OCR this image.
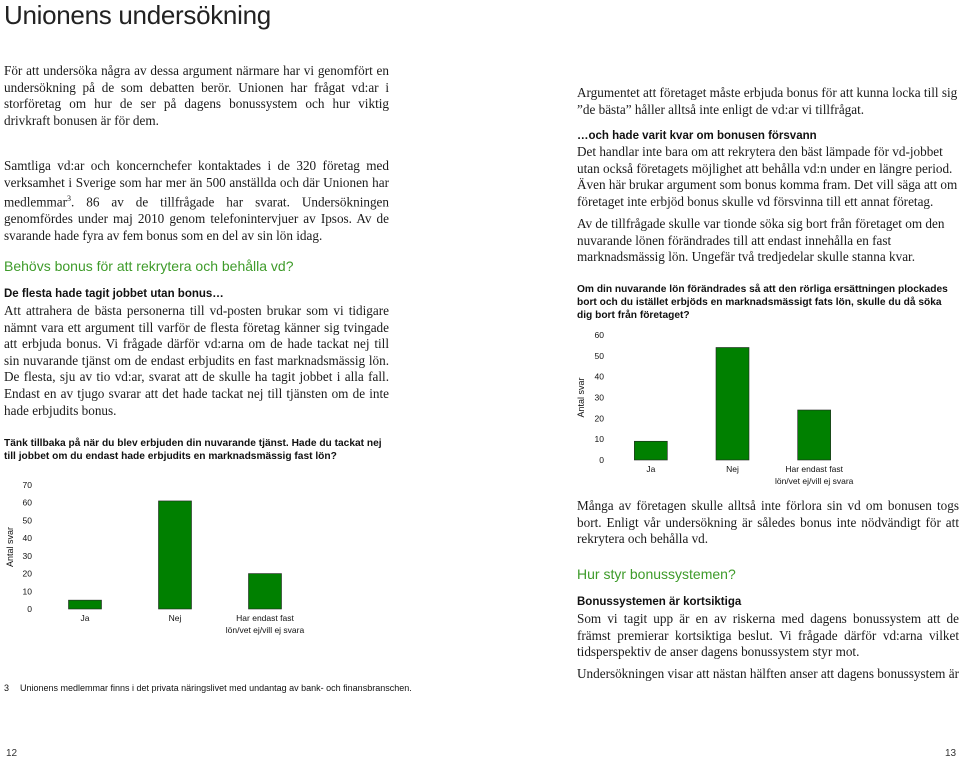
Unionens undersökning

För att undersöka några av dessa argument närmare har vi genomfört en undersökning på de som debatten berör. Unionen har frågat vd:ar i storföretag om hur de ser på dagens bonussystem och hur viktig drivkraft bonusen är för dem.

Samtliga vd:ar och koncernchefer kontaktades i de 320 företag med verksamhet i Sverige som har mer än 500 anställda och där Unionen har medlemmar$^3$. 86 av de tillfrågade har svarat. Undersökningen genomfördes under maj 2010 genom telefonintervjuer av Ipsos. Av de svarande hade fyra av fem bonus som en del av sin lön idag.

Behövs bonus för att rekrytera och behålla vd?
De flesta hade tagit jobbet utan bonus…

Att attrahera de bästa personerna till vd-posten brukar som vi tidigare nämnt vara ett argument till varför de flesta företag känner sig tvingade att erbjuda bonus. Vi frågade därför vd:arna om de hade tackat nej till sin nuvarande tjänst om de endast erbjudits en fast marknadsmässig lön. De flesta, sju av tio vd:ar, svarat att de skulle ha tagit jobbet i alla fall. Endast en av tjugo svarar att det hade tackat nej till tjänsten om de inte hade erbjudits bonus.

Tänk tillbaka på när du blev erbjuden din nuvarande tjänst. Hade du tackat nej till jobbet om du endast hade erbjudits en marknadsmässig fast lön?
Antal svar
0
10
20
30
40
50
60
70
Ja	Nej	Har endast fast
lön/vet ej/vill ej svara
3 Unionens medlemmar finns i det privata näringslivet med undantag av bank- och finansbranschen.
12

Argumentet att företaget måste erbjuda bonus för att kunna locka till sig ”de bästa” håller alltså inte enligt de vd:ar vi tillfrågat.

…och hade varit kvar om bonusen försvann

Det handlar inte bara om att rekrytera den bäst lämpade för vd-jobbet utan också företagets möjlighet att behålla vd:n under en längre period. Även här brukar argument som bonus komma fram. Det vill säga att om företaget inte erbjöd bonus skulle vd försvinna till ett annat företag.

Av de tillfrågade skulle var tionde söka sig bort från företaget om den nuvarande lönen förändrades till att endast innehålla en fast marknadsmässig lön. Ungefär två tredjedelar skulle stanna kvar.

Om din nuvarande lön förändrades så att den rörliga ersättningen plockades bort och du istället erbjöds en marknadsmässigt fats lön, skulle du då söka dig bort från företaget?
Antal svar
0
10
20
30
40
50
60
Ja	Nej	Har endast fast
lön/vet ej/vill ej svara

Många av företagen skulle alltså inte förlora sin vd om bonusen togs bort. Enligt vår undersökning är således bonus inte nödvändigt för att rekrytera och behålla vd.

Hur styr bonussystemen?
Bonussystemen är kortsiktiga

Som vi tagit upp är en av riskerna med dagens bonussystem att de främst premierar kortsiktiga beslut. Vi frågade därför vd:arna vilket tidsperspektiv de anser dagens bonussystem styr mot.

Undersökningen visar att nästan hälften anser att dagens bonussystem är

13
